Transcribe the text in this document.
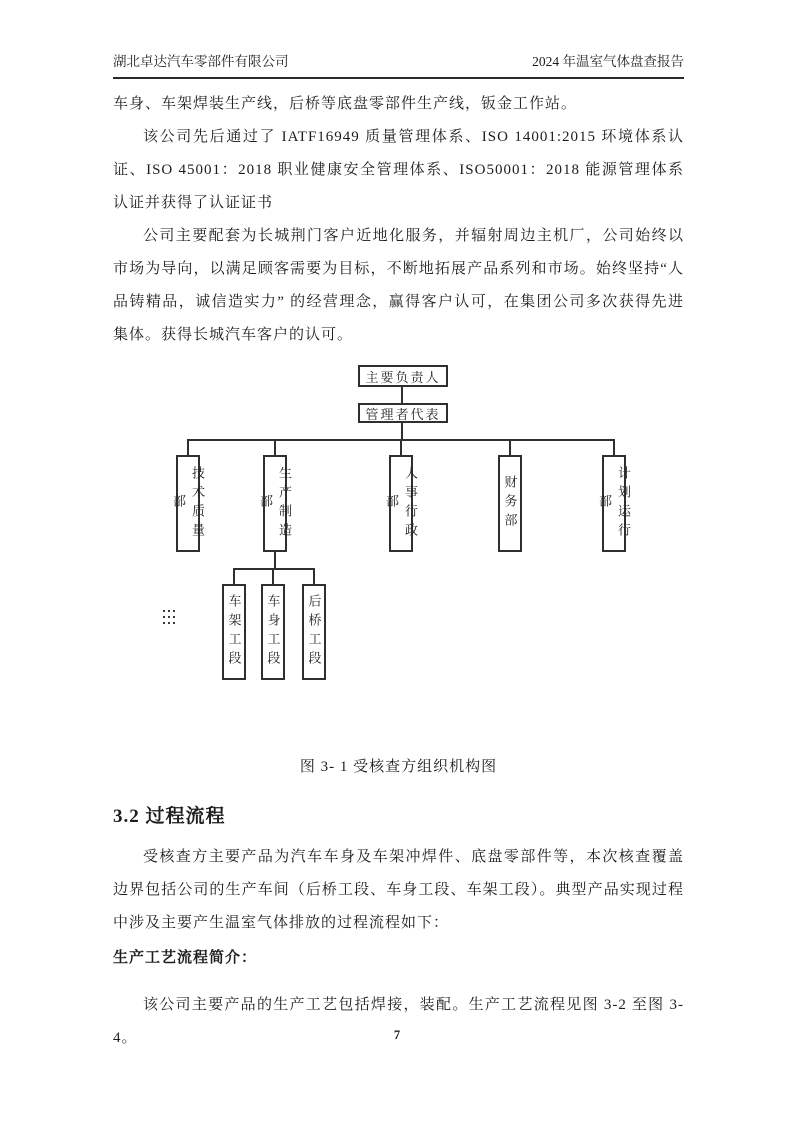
湖北卓达汽车零部件有限公司	2024 年温室气体盘查报告

车身、车架焊装生产线，后桥等底盘零部件生产线，钣金工作站。

该公司先后通过了 IATF16949 质量管理体系、ISO 14001:2015 环境体系认证、ISO 45001：2018 职业健康安全管理体系、ISO50001：2018 能源管理体系认证并获得了认证证书

公司主要配套为长城荆门客户近地化服务，并辐射周边主机厂，公司始终以市场为导向，以满足顾客需要为目标，不断地拓展产品系列和市场。始终坚持“人品铸精品，诚信造实力” 的经营理念，赢得客户认可，在集团公司多次获得先进集体。获得长城汽车客户的认可。

主要负责人
管理者代表
技术质量部	生产制造部	人事行政部	财务部	计划运行部
车架工段	车身工段	后桥工段

图 3- 1 受核查方组织机构图

3.2 过程流程

受核查方主要产品为汽车车身及车架冲焊件、底盘零部件等，本次核查覆盖边界包括公司的生产车间（后桥工段、车身工段、车架工段）。典型产品实现过程中涉及主要产生温室气体排放的过程流程如下：

生产工艺流程简介：

该公司主要产品的生产工艺包括焊接，装配。生产工艺流程见图 3-2 至图 3-4。	7
